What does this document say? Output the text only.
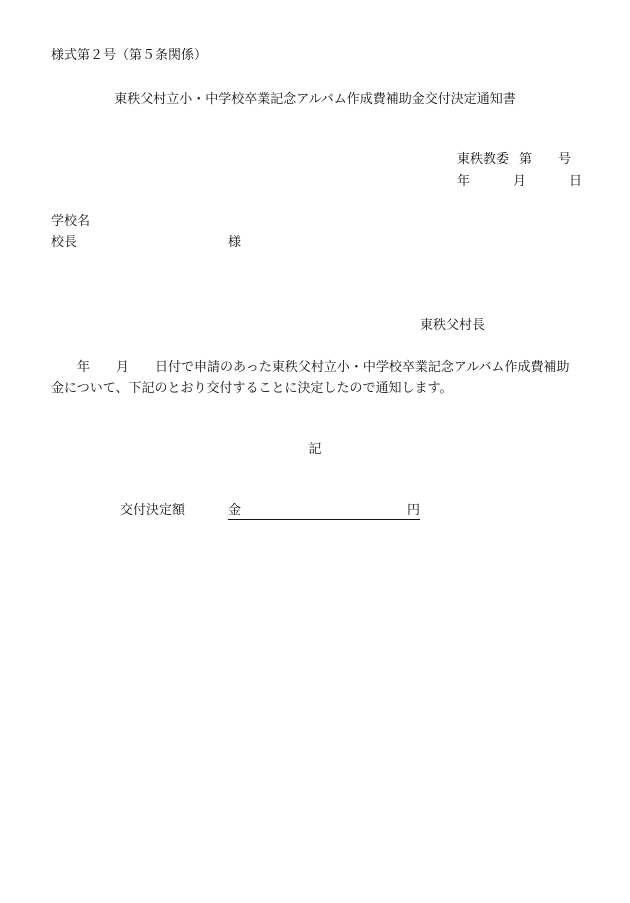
様式第２号（第５条関係）
東秩父村立小・中学校卒業記念アルバム作成費補助金交付決定通知書
東秩教委 第 号
年	月	日
学校名
校長	様
東秩父村長
年 月 日付で申請のあった東秩父村立小・中学校卒業記念アルバム作成費補助金について、下記のとおり交付することに決定したので通知します。
記
交付決定額	金	円
